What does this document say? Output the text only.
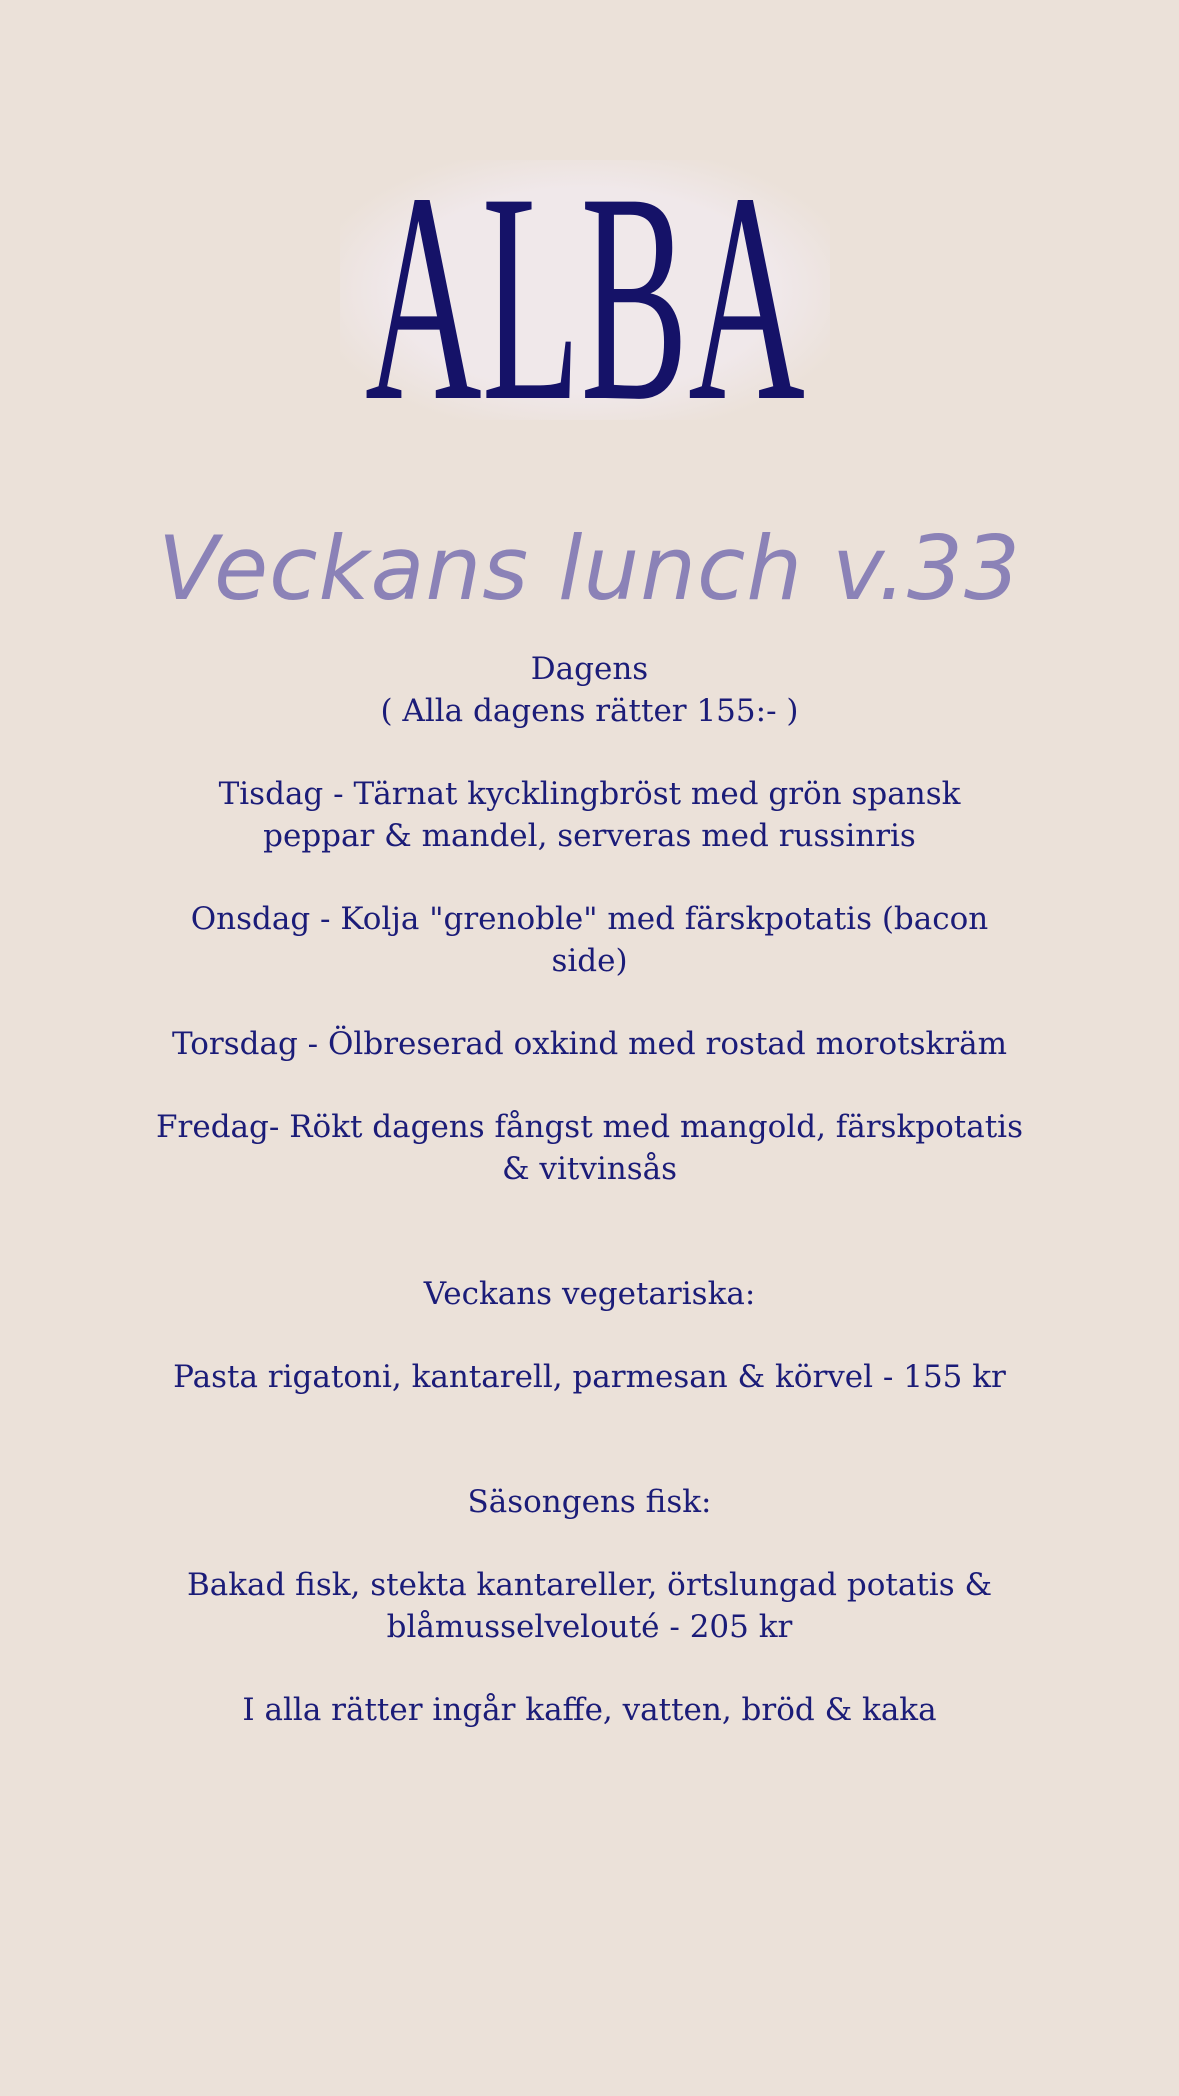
ALBA
Veckans lunch v.33

Dagens

( Alla dagens rätter 155:- )

Tisdag - Tärnat kycklingbröst med grön spansk

peppar & mandel, serveras med russinris

Onsdag - Kolja "grenoble" med färskpotatis (bacon

side)

Torsdag - Ölbreserad oxkind med rostad morotskräm

Fredag- Rökt dagens fångst med mangold, färskpotatis

& vitvinsås

Veckans vegetariska:

Pasta rigatoni, kantarell, parmesan & körvel - 155 kr

Säsongens fisk:

Bakad fisk, stekta kantareller, örtslungad potatis &

blåmusselvelouté - 205 kr

I alla rätter ingår kaffe, vatten, bröd & kaka
